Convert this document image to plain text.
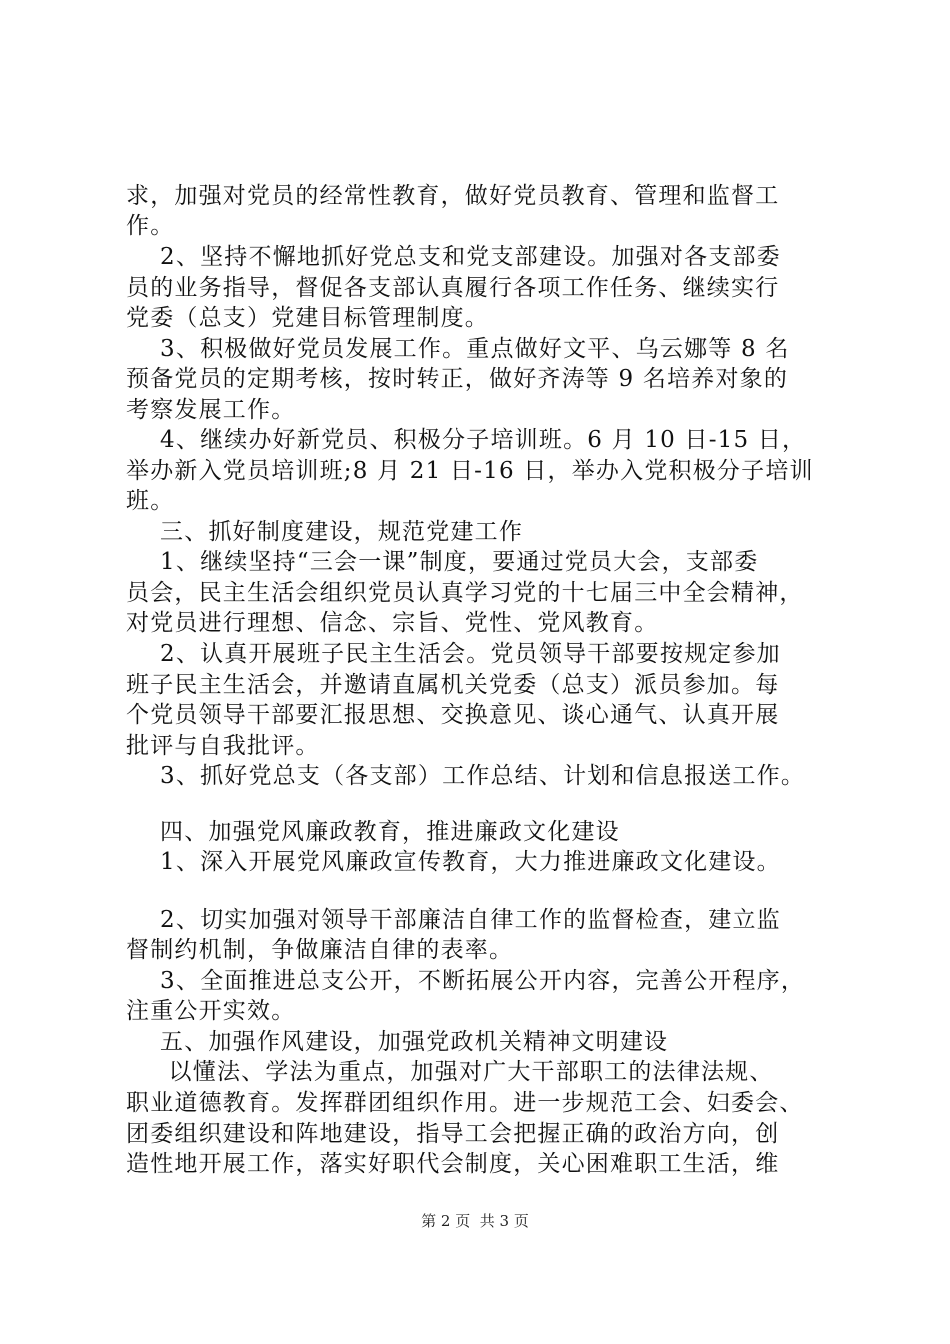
求，加强对党员的经常性教育，做好党员教育、管理和监督工
作。
2、坚持不懈地抓好党总支和党支部建设。加强对各支部委
员的业务指导，督促各支部认真履行各项工作任务、继续实行
党委（总支）党建目标管理制度。
3、积极做好党员发展工作。重点做好文平、乌云娜等 8 名
预备党员的定期考核，按时转正，做好齐涛等 9 名培养对象的
考察发展工作。
4、继续办好新党员、积极分子培训班。6 月 10 日-15 日，
举办新入党员培训班;8 月 21 日-16 日，举办入党积极分子培训
班。
三、抓好制度建设，规范党建工作
1、继续坚持“三会一课”制度，要通过党员大会，支部委
员会，民主生活会组织党员认真学习党的十七届三中全会精神，
对党员进行理想、信念、宗旨、党性、党风教育。
2、认真开展班子民主生活会。党员领导干部要按规定参加
班子民主生活会，并邀请直属机关党委（总支）派员参加。每
个党员领导干部要汇报思想、交换意见、谈心通气、认真开展
批评与自我批评。
3、抓好党总支（各支部）工作总结、计划和信息报送工作。
四、加强党风廉政教育，推进廉政文化建设
1、深入开展党风廉政宣传教育，大力推进廉政文化建设。
2、切实加强对领导干部廉洁自律工作的监督检查，建立监
督制约机制，争做廉洁自律的表率。
3、全面推进总支公开，不断拓展公开内容，完善公开程序，
注重公开实效。
五、加强作风建设，加强党政机关精神文明建设
以懂法、学法为重点，加强对广大干部职工的法律法规、
职业道德教育。发挥群团组织作用。进一步规范工会、妇委会、
团委组织建设和阵地建设，指导工会把握正确的政治方向，创
造性地开展工作，落实好职代会制度，关心困难职工生活，维
第 2 页  共 3 页
